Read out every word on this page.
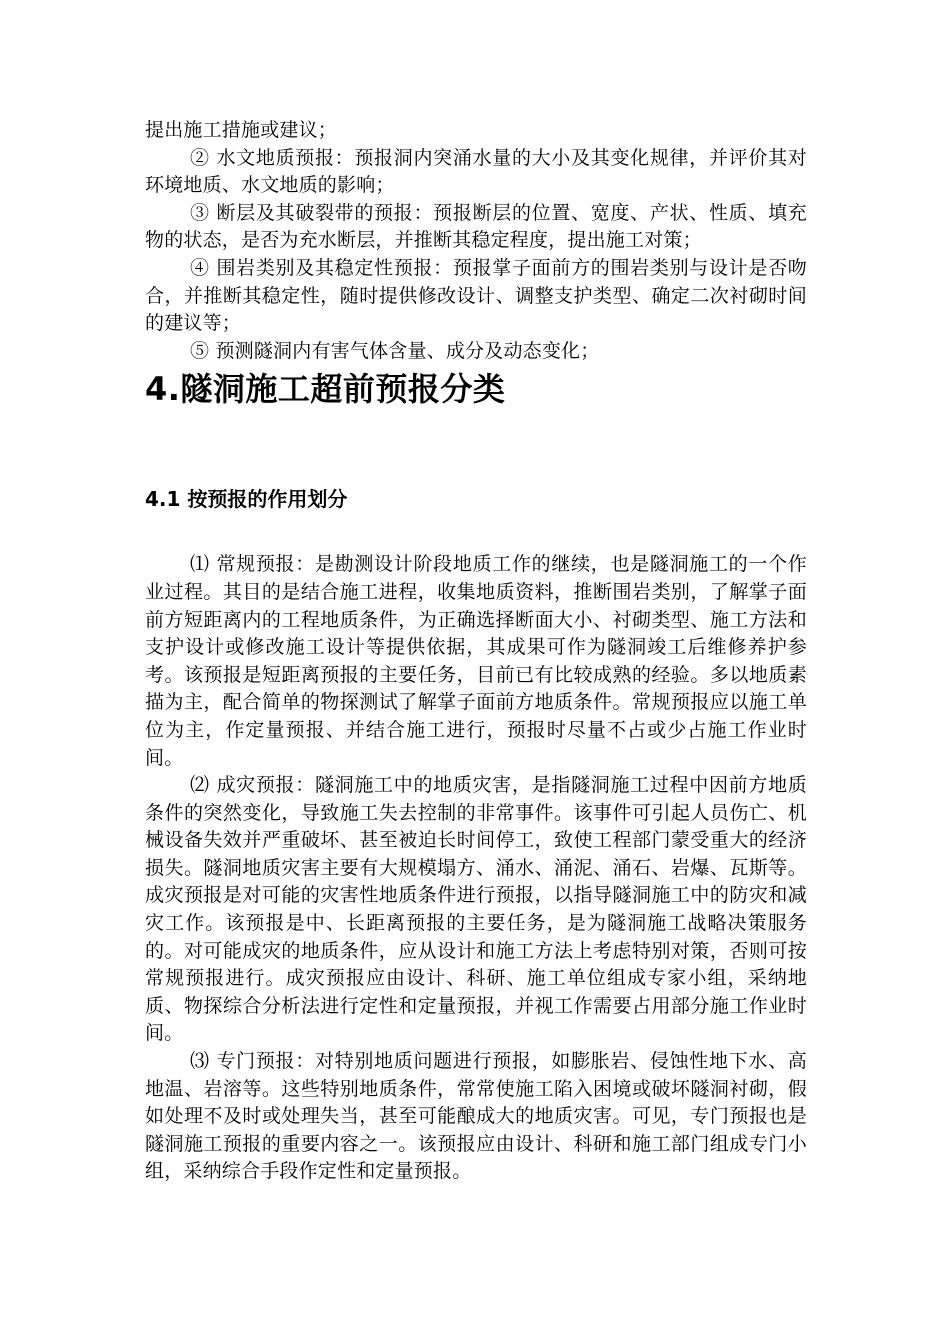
提出施工措施或建议；

② 水文地质预报：预报洞内突涌水量的大小及其变化规律，并评价其对环境地质、水文地质的影响；

③ 断层及其破裂带的预报：预报断层的位置、宽度、产状、性质、填充物的状态，是否为充水断层，并推断其稳定程度，提出施工对策；

④ 围岩类别及其稳定性预报：预报掌子面前方的围岩类别与设计是否吻合，并推断其稳定性，随时提供修改设计、调整支护类型、确定二次衬砌时间的建议等；

⑤ 预测隧洞内有害气体含量、成分及动态变化；

4.隧洞施工超前预报分类
4.1 按预报的作用划分

⑴ 常规预报：是勘测设计阶段地质工作的继续，也是隧洞施工的一个作业过程。其目的是结合施工进程，收集地质资料，推断围岩类别，了解掌子面前方短距离内的工程地质条件，为正确选择断面大小、衬砌类型、施工方法和支护设计或修改施工设计等提供依据，其成果可作为隧洞竣工后维修养护参考。该预报是短距离预报的主要任务，目前已有比较成熟的经验。多以地质素描为主，配合简单的物探测试了解掌子面前方地质条件。常规预报应以施工单位为主，作定量预报、并结合施工进行，预报时尽量不占或少占施工作业时间。

⑵ 成灾预报：隧洞施工中的地质灾害，是指隧洞施工过程中因前方地质条件的突然变化，导致施工失去控制的非常事件。该事件可引起人员伤亡、机械设备失效并严重破坏、甚至被迫长时间停工，致使工程部门蒙受重大的经济损失。隧洞地质灾害主要有大规模塌方、涌水、涌泥、涌石、岩爆、瓦斯等。成灾预报是对可能的灾害性地质条件进行预报，以指导隧洞施工中的防灾和减灾工作。该预报是中、长距离预报的主要任务，是为隧洞施工战略决策服务的。对可能成灾的地质条件，应从设计和施工方法上考虑特别对策，否则可按常规预报进行。成灾预报应由设计、科研、施工单位组成专家小组，采纳地质、物探综合分析法进行定性和定量预报，并视工作需要占用部分施工作业时间。

⑶ 专门预报：对特别地质问题进行预报，如膨胀岩、侵蚀性地下水、高地温、岩溶等。这些特别地质条件，常常使施工陷入困境或破坏隧洞衬砌，假如处理不及时或处理失当，甚至可能酿成大的地质灾害。可见，专门预报也是隧洞施工预报的重要内容之一。该预报应由设计、科研和施工部门组成专门小组，采纳综合手段作定性和定量预报。
